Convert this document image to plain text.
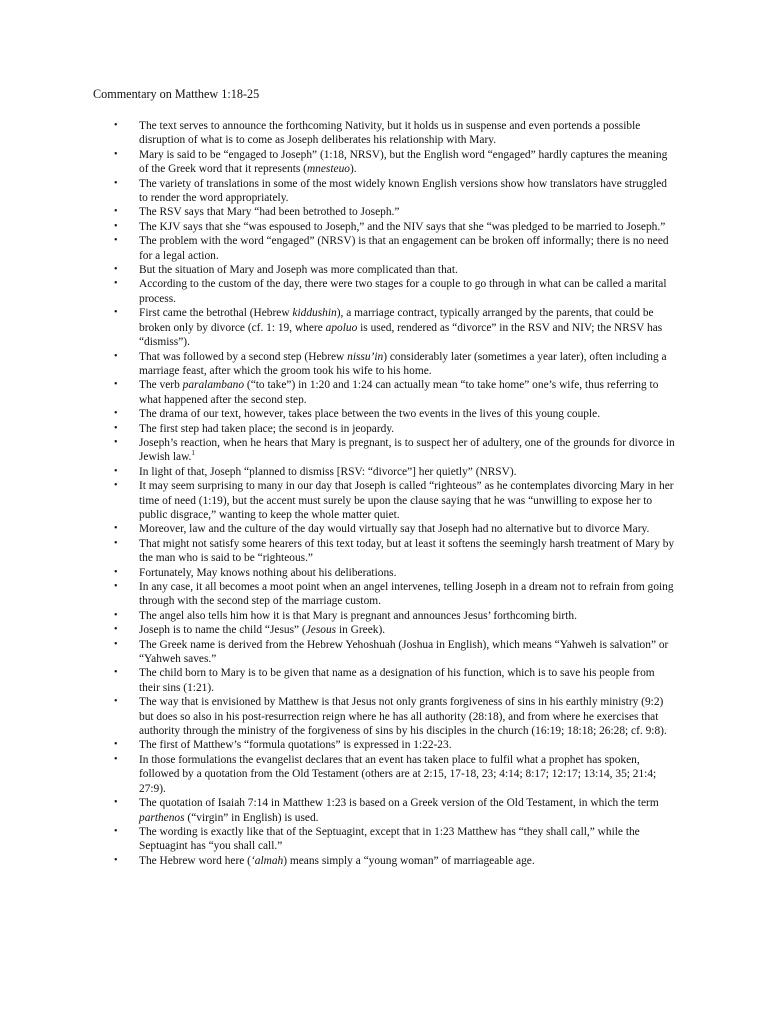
Commentary on Matthew 1:18-25
• The text serves to announce the forthcoming Nativity, but it holds us in suspense and even portends a possible disruption of what is to come as Joseph deliberates his relationship with Mary.
• Mary is said to be “engaged to Joseph” (1:18, NRSV), but the English word “engaged” hardly captures the meaning of the Greek word that it represents (mnesteuo).
• The variety of translations in some of the most widely known English versions show how translators have struggled to render the word appropriately.
• The RSV says that Mary “had been betrothed to Joseph.”
• The KJV says that she “was espoused to Joseph,” and the NIV says that she “was pledged to be married to Joseph.”
• The problem with the word “engaged” (NRSV) is that an engagement can be broken off informally; there is no need for a legal action.
• But the situation of Mary and Joseph was more complicated than that.
• According to the custom of the day, there were two stages for a couple to go through in what can be called a marital process.
• First came the betrothal (Hebrew kiddushin), a marriage contract, typically arranged by the parents, that could be broken only by divorce (cf. 1: 19, where apoluo is used, rendered as “divorce” in the RSV and NIV; the NRSV has “dismiss”).
• That was followed by a second step (Hebrew nissu’in) considerably later (sometimes a year later), often including a marriage feast, after which the groom took his wife to his home.
• The verb paralambano (“to take”) in 1:20 and 1:24 can actually mean “to take home” one’s wife, thus referring to what happened after the second step.
• The drama of our text, however, takes place between the two events in the lives of this young couple.
• The first step had taken place; the second is in jeopardy.
• Joseph’s reaction, when he hears that Mary is pregnant, is to suspect her of adultery, one of the grounds for divorce in Jewish law.$^1$
• In light of that, Joseph “planned to dismiss [RSV: “divorce”] her quietly” (NRSV).
• It may seem surprising to many in our day that Joseph is called “righteous” as he contemplates divorcing Mary in her time of need (1:19), but the accent must surely be upon the clause saying that he was “unwilling to expose her to public disgrace,” wanting to keep the whole matter quiet.
• Moreover, law and the culture of the day would virtually say that Joseph had no alternative but to divorce Mary.
• That might not satisfy some hearers of this text today, but at least it softens the seemingly harsh treatment of Mary by the man who is said to be “righteous.”
• Fortunately, May knows nothing about his deliberations.
• In any case, it all becomes a moot point when an angel intervenes, telling Joseph in a dream not to refrain from going through with the second step of the marriage custom.
• The angel also tells him how it is that Mary is pregnant and announces Jesus’ forthcoming birth.
• Joseph is to name the child “Jesus” (Jesous in Greek).
• The Greek name is derived from the Hebrew Yehoshuah (Joshua in English), which means “Yahweh is salvation” or “Yahweh saves.”
• The child born to Mary is to be given that name as a designation of his function, which is to save his people from their sins (1:21).
• The way that is envisioned by Matthew is that Jesus not only grants forgiveness of sins in his earthly ministry (9:2) but does so also in his post-resurrection reign where he has all authority (28:18), and from where he exercises that authority through the ministry of the forgiveness of sins by his disciples in the church (16:19; 18:18; 26:28; cf. 9:8).
• The first of Matthew’s “formula quotations” is expressed in 1:22-23.
• In those formulations the evangelist declares that an event has taken place to fulfil what a prophet has spoken, followed by a quotation from the Old Testament (others are at 2:15, 17-18, 23; 4:14; 8:17; 12:17; 13:14, 35; 21:4; 27:9).
• The quotation of Isaiah 7:14 in Matthew 1:23 is based on a Greek version of the Old Testament, in which the term parthenos (“virgin” in English) is used.
• The wording is exactly like that of the Septuagint, except that in 1:23 Matthew has “they shall call,” while the Septuagint has “you shall call.”
• The Hebrew word here (‘almah) means simply a “young woman” of marriageable age.
